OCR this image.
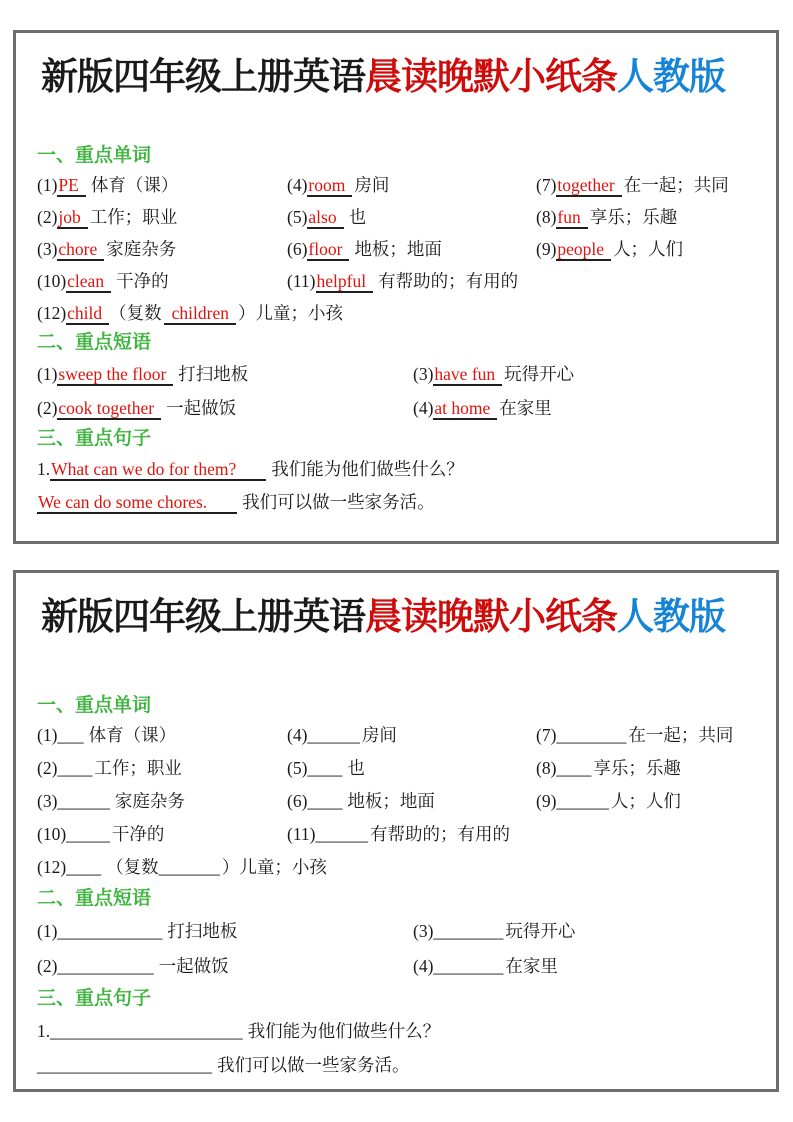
新版四年级上册英语晨读晚默小纸条人教版
一、重点单词
(1)PE 体育（课）	(4)room 房间	(7)together 在一起；共同
(2)job 工作；职业	(5)also 也	(8)fun 享乐；乐趣
(3)chore 家庭杂务	(6)floor 地板；地面	(9)people 人；人们
(10)clean 干净的	(11)helpful 有帮助的；有用的
(12)child （复数 children ）儿童；小孩
二、重点短语
(1)sweep the floor 打扫地板	(3)have fun 玩得开心
(2)cook together 一起做饭	(4)at home 在家里
三、重点句子
1.What can we do for them? 我们能为他们做些什么？
We can do some chores. 我们可以做一些家务活。
新版四年级上册英语晨读晚默小纸条人教版
一、重点单词
(1)___ 体育（课）	(4)______ 房间	(7)________ 在一起；共同
(2)____ 工作；职业	(5)____ 也	(8)____ 享乐；乐趣
(3)______ 家庭杂务	(6)____ 地板；地面	(9)______ 人；人们
(10)_____ 干净的	(11)______ 有帮助的；有用的
(12)____ （复数_______ ）儿童；小孩
二、重点短语
(1)____________ 打扫地板	(3)________ 玩得开心
(2)___________ 一起做饭	(4)________ 在家里
三、重点句子
1.______________________ 我们能为他们做些什么？
____________________ 我们可以做一些家务活。
